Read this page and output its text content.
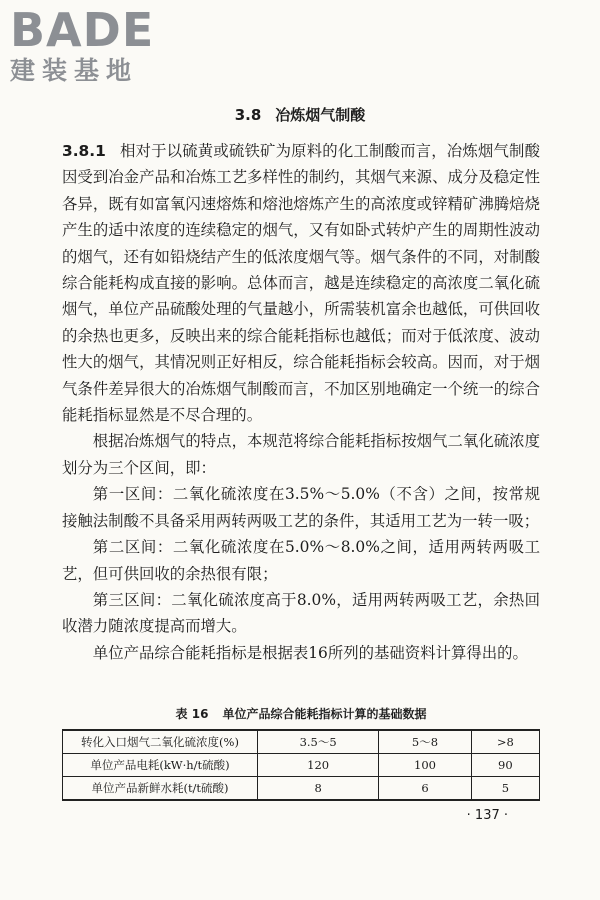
BADE
建装基地
3.8 冶炼烟气制酸

3.8.1 相对于以硫黄或硫铁矿为原料的化工制酸而言，冶炼烟气制酸因受到冶金产品和冶炼工艺多样性的制约，其烟气来源、成分及稳定性各异，既有如富氧闪速熔炼和熔池熔炼产生的高浓度或锌精矿沸腾焙烧产生的适中浓度的连续稳定的烟气，又有如卧式转炉产生的周期性波动的烟气，还有如铅烧结产生的低浓度烟气等。烟气条件的不同，对制酸综合能耗构成直接的影响。总体而言，越是连续稳定的高浓度二氧化硫烟气，单位产品硫酸处理的气量越小，所需装机富余也越低，可供回收的余热也更多，反映出来的综合能耗指标也越低；而对于低浓度、波动性大的烟气，其情况则正好相反，综合能耗指标会较高。因而，对于烟气条件差异很大的冶炼烟气制酸而言，不加区别地确定一个统一的综合能耗指标显然是不尽合理的。

根据冶炼烟气的特点，本规范将综合能耗指标按烟气二氧化硫浓度划分为三个区间，即：

第一区间：二氧化硫浓度在3.5%～5.0%（不含）之间，按常规接触法制酸不具备采用两转两吸工艺的条件，其适用工艺为一转一吸；

第二区间：二氧化硫浓度在5.0%～8.0%之间，适用两转两吸工艺，但可供回收的余热很有限；

第三区间：二氧化硫浓度高于8.0%，适用两转两吸工艺，余热回收潜力随浓度提高而增大。

单位产品综合能耗指标是根据表16所列的基础资料计算得出的。

表 16 单位产品综合能耗指标计算的基础数据
转化入口烟气二氧化硫浓度(%)	3.5～5	5～8	>8
单位产品电耗(kW·h/t硫酸)	120	100	90
单位产品新鲜水耗(t/t硫酸)	8	6	5
· 137 ·
